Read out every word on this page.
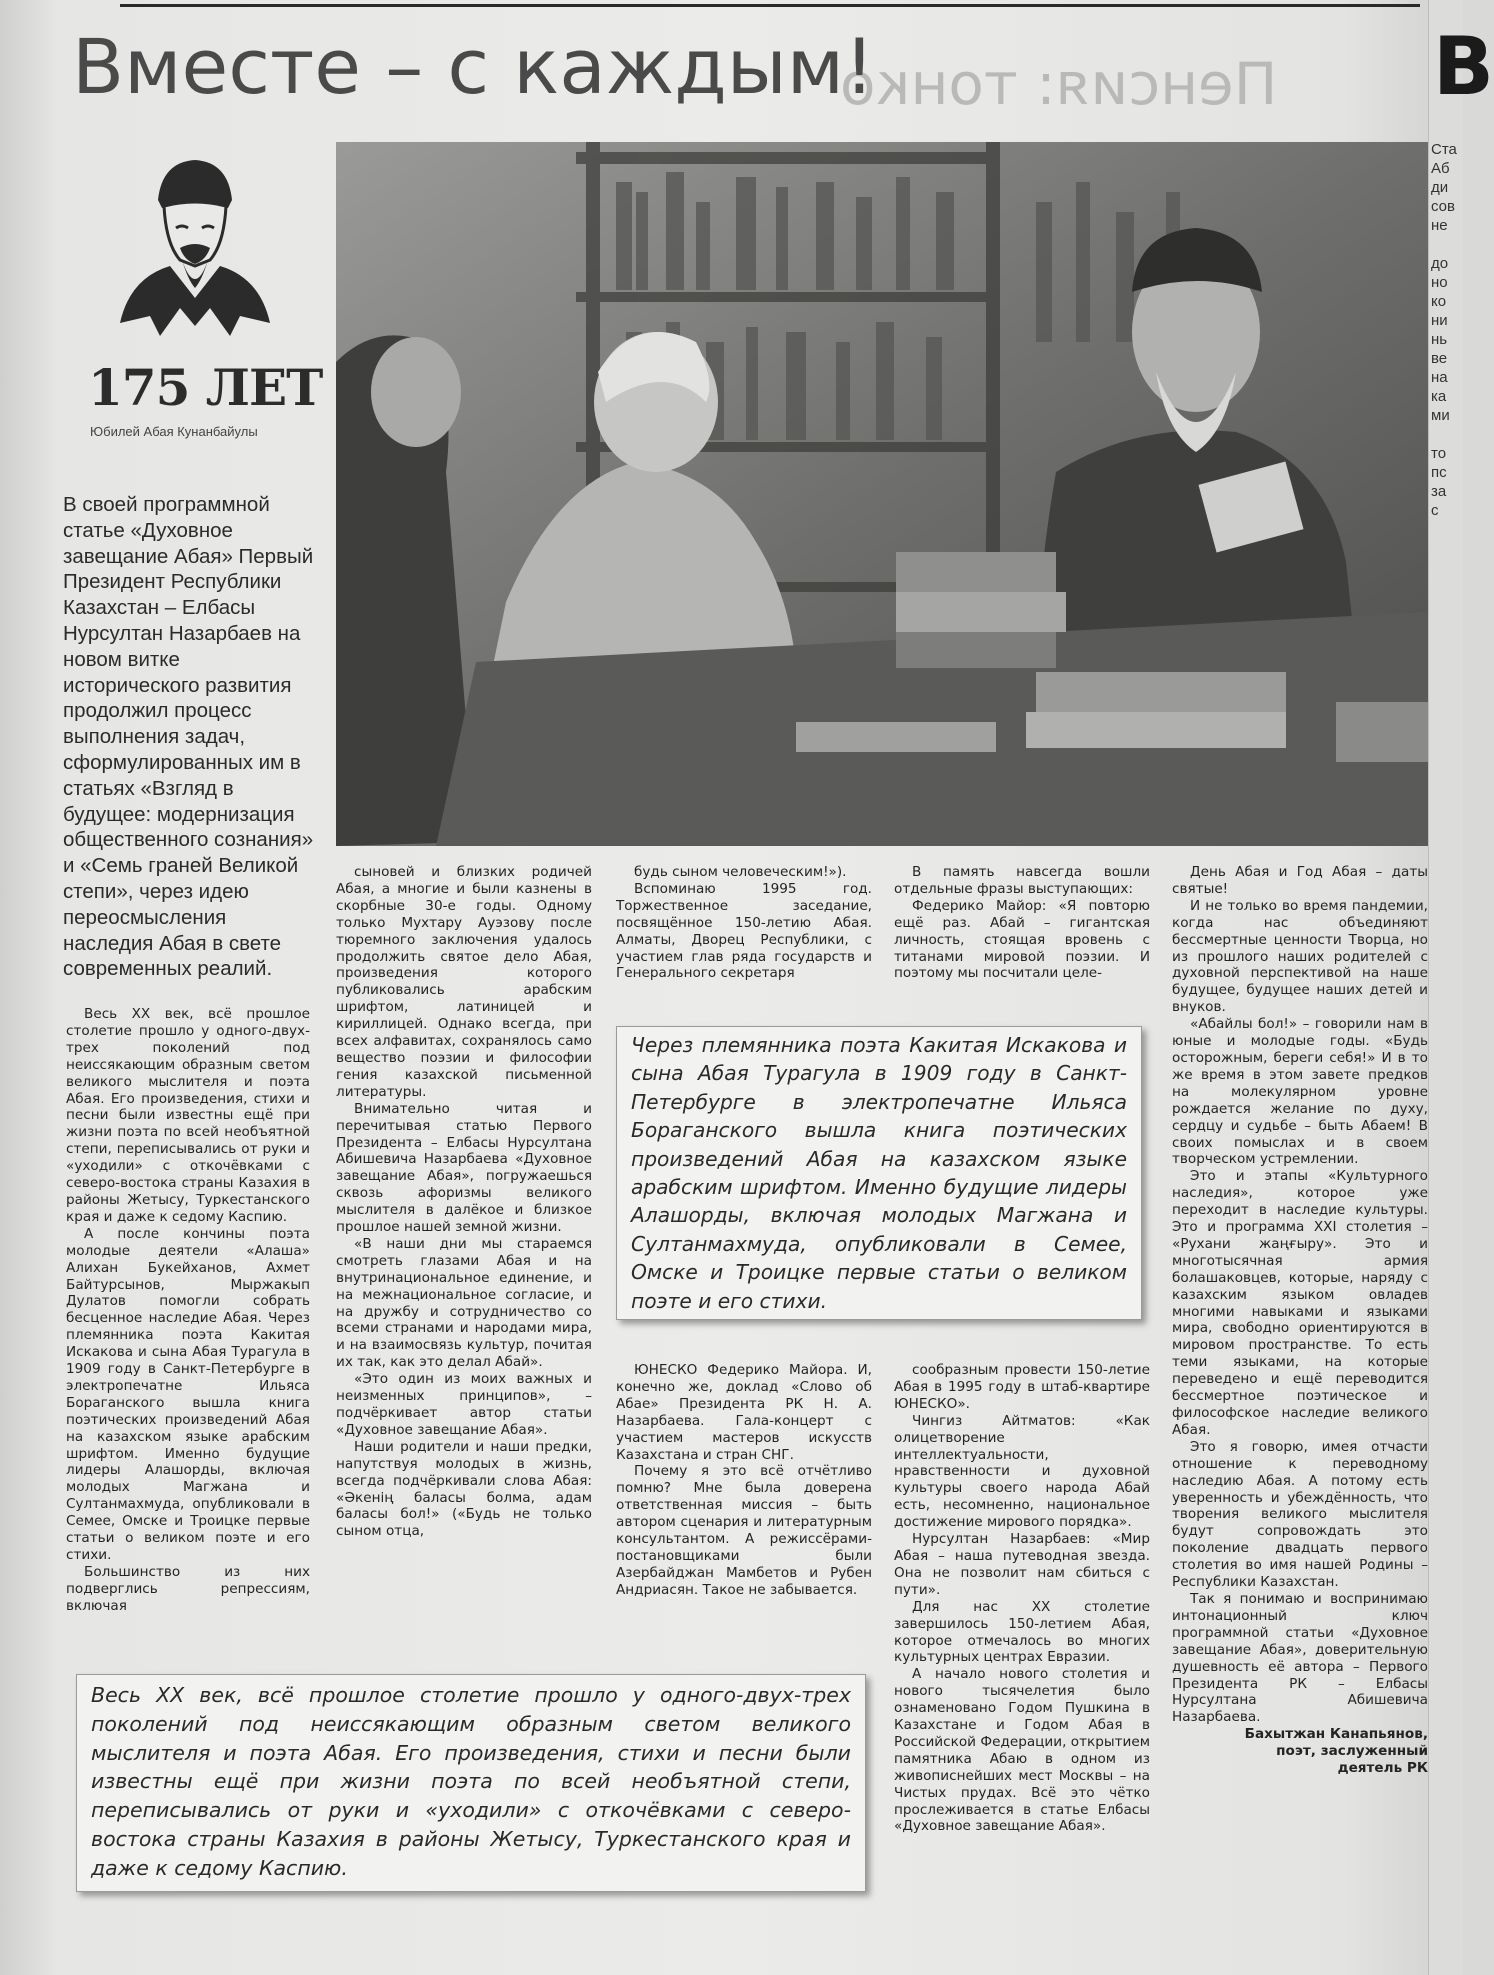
Пенсия: тонко
Вместе – с каждым!	В
Ста
Аб
ди
сов
не

до
но
ко
ни
нь
ве
на
ка
ми

то
пс
за
с
175 ЛЕТ
Юбилей Абая Кунанбайулы
В своей программной статье «Духовное завещание Абая» Первый Президент Республики Казахстан – Елбасы Нурсултан Назарбаев на новом витке исторического развития продолжил процесс выполнения задач, сформулированных им в статьях «Взгляд в будущее: модернизация общественного сознания» и «Семь граней Великой степи», через идею переосмысления наследия Абая в свете современных реалий.

Весь XX век, всё прошлое столетие прошло у одного-двух-трех поколений под неиссякающим образным светом великого мыслителя и поэта Абая. Его произведения, стихи и песни были известны ещё при жизни поэта по всей необъятной степи, переписывались от руки и «уходили» с откочёвками с северо-востока страны Казахия в районы Жетысу, Туркестанского края и даже к седому Каспию.

А после кончины поэта молодые деятели «Алаша» Алихан Букейханов, Ахмет Байтурсынов, Мыржакып Дулатов помогли собрать бесценное наследие Абая. Через племянника поэта Какитая Искакова и сына Абая Турагула в 1909 году в Санкт-Петербурге в электропечатне Ильяса Бораганского вышла книга поэтических произведений Абая на казахском языке арабским шрифтом. Именно будущие лидеры Алашорды, включая молодых Магжана и Султанмахмуда, опубликовали в Семее, Омске и Троицке первые статьи о великом поэте и его стихи.

Большинство из них подверглись репрессиям, включая

сыновей и близких родичей Абая, а многие и были казнены в скорбные 30-е годы. Одному только Мухтару Ауэзову после тюремного заключения удалось продолжить святое дело Абая, произведения которого публиковались арабским шрифтом, латиницей и кириллицей. Однако всегда, при всех алфавитах, сохранялось само вещество поэзии и философии гения казахской письменной литературы.

Внимательно читая и перечитывая статью Первого Президента – Елбасы Нурсултана Абишевича Назарбаева «Духовное завещание Абая», погружаешься сквозь афоризмы великого мыслителя в далёкое и близкое прошлое нашей земной жизни.

«В наши дни мы стараемся смотреть глазами Абая и на внутринациональное единение, и на межнациональное согласие, и на дружбу и сотрудничество со всеми странами и народами мира, и на взаимосвязь культур, почитая их так, как это делал Абай».

«Это один из моих важных и неизменных принципов», – подчёркивает автор статьи «Духовное завещание Абая».

Наши родители и наши предки, напутствуя молодых в жизнь, всегда подчёркивали слова Абая: «Әкенің баласы болма, адам баласы бол!» («Будь не только сыном отца,

будь сыном человеческим!»).

Вспоминаю 1995 год. Торжественное заседание, посвящённое 150-летию Абая. Алматы, Дворец Республики, с участием глав ряда государств и Генерального секретаря

В память навсегда вошли отдельные фразы выступающих:

Федерико Майор: «Я повторю ещё раз. Абай – гигантская личность, стоящая вровень с титанами мировой поэзии. И поэтому мы посчитали целе-

ЮНЕСКО Федерико Майора. И, конечно же, доклад «Слово об Абае» Президента РК Н. А. Назарбаева. Гала-концерт с участием мастеров искусств Казахстана и стран СНГ.

Почему я это всё отчётливо помню? Мне была доверена ответственная миссия – быть автором сценария и литературным консультантом. А режиссёрами-постановщиками были Азербайджан Мамбетов и Рубен Андриасян. Такое не забывается.

сообразным провести 150-летие Абая в 1995 году в штаб-квартире ЮНЕСКО».

Чингиз Айтматов: «Как олицетворение интеллектуальности, нравственности и духовной культуры своего народа Абай есть, несомненно, национальное достижение мирового порядка».

Нурсултан Назарбаев: «Мир Абая – наша путеводная звезда. Она не позволит нам сбиться с пути».

Для нас XX столетие завершилось 150-летием Абая, которое отмечалось во многих культурных центрах Евразии.

А начало нового столетия и нового тысячелетия было ознаменовано Годом Пушкина в Казахстане и Годом Абая в Российской Федерации, открытием памятника Абаю в одном из живописнейших мест Москвы – на Чистых прудах. Всё это чётко прослеживается в статье Елбасы «Духовное завещание Абая».

День Абая и Год Абая – даты святые!

И не только во время пандемии, когда нас объединяют бессмертные ценности Творца, но из прошлого наших родителей с духовной перспективой на наше будущее, будущее наших детей и внуков.

«Абайлы бол!» – говорили нам в юные и молодые годы. «Будь осторожным, береги себя!» И в то же время в этом завете предков на молекулярном уровне рождается желание по духу, сердцу и судьбе – быть Абаем! В своих помыслах и в своем творческом устремлении.

Это и этапы «Культурного наследия», которое уже переходит в наследие культуры. Это и программа XXI столетия – «Рухани жаңғыру». Это и многотысячная армия болашаковцев, которые, наряду с казахским языком овладев многими навыками и языками мира, свободно ориентируются в мировом пространстве. То есть теми языками, на которые переведено и ещё переводится бессмертное поэтическое и философское наследие великого Абая.

Это я говорю, имея отчасти отношение к переводному наследию Абая. А потому есть уверенность и убеждённость, что творения великого мыслителя будут сопровождать это поколение двадцать первого столетия во имя нашей Родины – Республики Казахстан.

Так я понимаю и воспринимаю интонационный ключ программной статьи «Духовное завещание Абая», доверительную душевность её автора – Первого Президента РК – Елбасы Нурсултана Абишевича Назарбаева.

Бахытжан Канапьянов,

поэт, заслуженный

деятель РК

Через племянника поэта Какитая Искакова и сына Абая Турагула в 1909 году в Санкт-Петербурге в электропечатне Ильяса Бораганского вышла книга поэтических произведений Абая на казахском языке арабским шрифтом. Именно будущие лидеры Алашорды, включая молодых Магжана и Султанмахмуда, опубликовали в Семее, Омске и Троицке первые статьи о великом поэте и его стихи.
Весь XX век, всё прошлое столетие прошло у одного-двух-трех поколений под неиссякающим образным светом великого мыслителя и поэта Абая. Его произведения, стихи и песни были известны ещё при жизни поэта по всей необъятной степи, переписывались от руки и «уходили» с откочёвками с северо-востока страны Казахия в районы Жетысу, Туркестанского края и даже к седому Каспию.
